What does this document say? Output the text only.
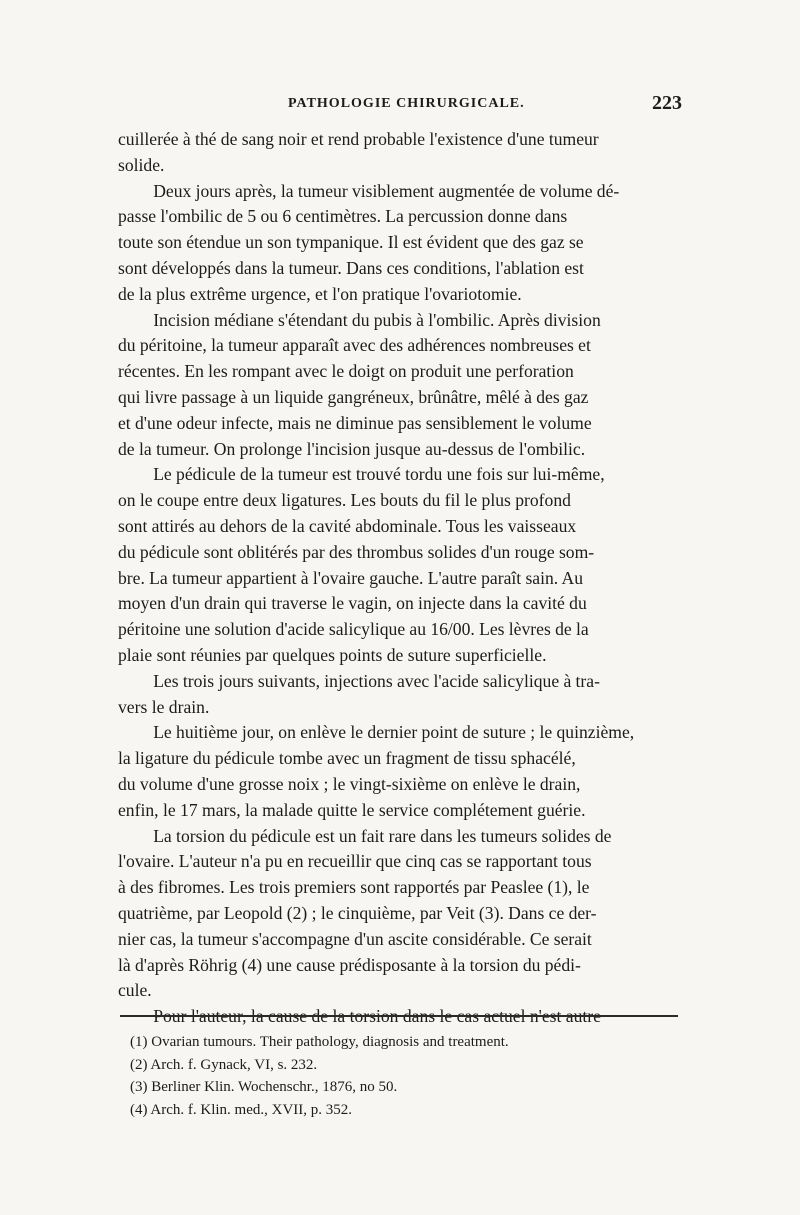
PATHOLOGIE CHIRURGICALE.	223
cuillerée à thé de sang noir et rend probable l'existence d'une tumeur
solide.
  Deux jours après, la tumeur visiblement augmentée de volume dé-
passe l'ombilic de 5 ou 6 centimètres. La percussion donne dans
toute son étendue un son tympanique. Il est évident que des gaz se
sont développés dans la tumeur. Dans ces conditions, l'ablation est
de la plus extrême urgence, et l'on pratique l'ovariotomie.
  Incision médiane s'étendant du pubis à l'ombilic. Après division
du péritoine, la tumeur apparaît avec des adhérences nombreuses et
récentes. En les rompant avec le doigt on produit une perforation
qui livre passage à un liquide gangréneux, brûnâtre, mêlé à des gaz
et d'une odeur infecte, mais ne diminue pas sensiblement le volume
de la tumeur. On prolonge l'incision jusque au-dessus de l'ombilic.
  Le pédicule de la tumeur est trouvé tordu une fois sur lui-même,
on le coupe entre deux ligatures. Les bouts du fil le plus profond
sont attirés au dehors de la cavité abdominale. Tous les vaisseaux
du pédicule sont oblitérés par des thrombus solides d'un rouge som-
bre. La tumeur appartient à l'ovaire gauche. L'autre paraît sain. Au
moyen d'un drain qui traverse le vagin, on injecte dans la cavité du
péritoine une solution d'acide salicylique au 16/00. Les lèvres de la
plaie sont réunies par quelques points de suture superficielle.
  Les trois jours suivants, injections avec l'acide salicylique à tra-
vers le drain.
  Le huitième jour, on enlève le dernier point de suture ; le quinzième,
la ligature du pédicule tombe avec un fragment de tissu sphacélé,
du volume d'une grosse noix ; le vingt-sixième on enlève le drain,
enfin, le 17 mars, la malade quitte le service complétement guérie.
  La torsion du pédicule est un fait rare dans les tumeurs solides de
l'ovaire. L'auteur n'a pu en recueillir que cinq cas se rapportant tous
à des fibromes. Les trois premiers sont rapportés par Peaslee (1), le
quatrième, par Leopold (2) ; le cinquième, par Veit (3). Dans ce der-
nier cas, la tumeur s'accompagne d'un ascite considérable. Ce serait
là d'après Röhrig (4) une cause prédisposante à la torsion du pédi-
cule.
  Pour l'auteur, la cause de la torsion dans le cas actuel n'est autre
(1) Ovarian tumours. Their pathology, diagnosis and treatment.
(2) Arch. f. Gynack, VI, s. 232.
(3) Berliner Klin. Wochenschr., 1876, no 50.
(4) Arch. f. Klin. med., XVII, p. 352.
